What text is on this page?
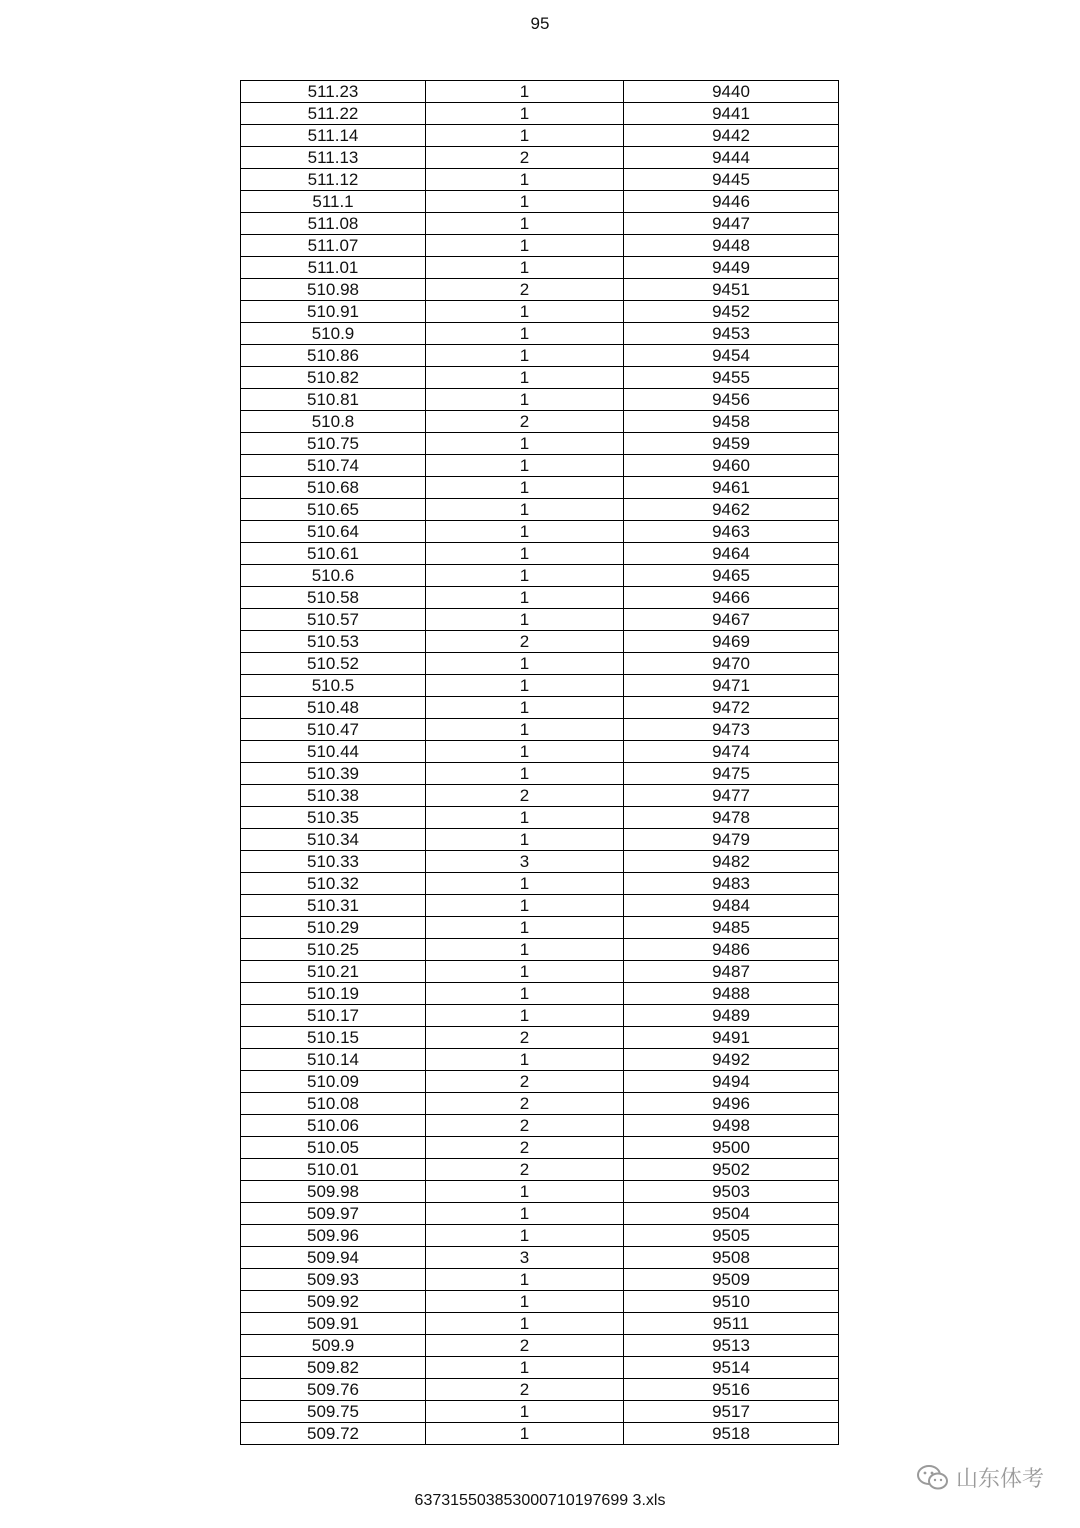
95
511.23	1	9440
511.22	1	9441
511.14	1	9442
511.13	2	9444
511.12	1	9445
511.1	1	9446
511.08	1	9447
511.07	1	9448
511.01	1	9449
510.98	2	9451
510.91	1	9452
510.9	1	9453
510.86	1	9454
510.82	1	9455
510.81	1	9456
510.8	2	9458
510.75	1	9459
510.74	1	9460
510.68	1	9461
510.65	1	9462
510.64	1	9463
510.61	1	9464
510.6	1	9465
510.58	1	9466
510.57	1	9467
510.53	2	9469
510.52	1	9470
510.5	1	9471
510.48	1	9472
510.47	1	9473
510.44	1	9474
510.39	1	9475
510.38	2	9477
510.35	1	9478
510.34	1	9479
510.33	3	9482
510.32	1	9483
510.31	1	9484
510.29	1	9485
510.25	1	9486
510.21	1	9487
510.19	1	9488
510.17	1	9489
510.15	2	9491
510.14	1	9492
510.09	2	9494
510.08	2	9496
510.06	2	9498
510.05	2	9500
510.01	2	9502
509.98	1	9503
509.97	1	9504
509.96	1	9505
509.94	3	9508
509.93	1	9509
509.92	1	9510
509.91	1	9511
509.9	2	9513
509.82	1	9514
509.76	2	9516
509.75	1	9517
509.72	1	9518
637315503853000710197699 3.xls
山东体考
